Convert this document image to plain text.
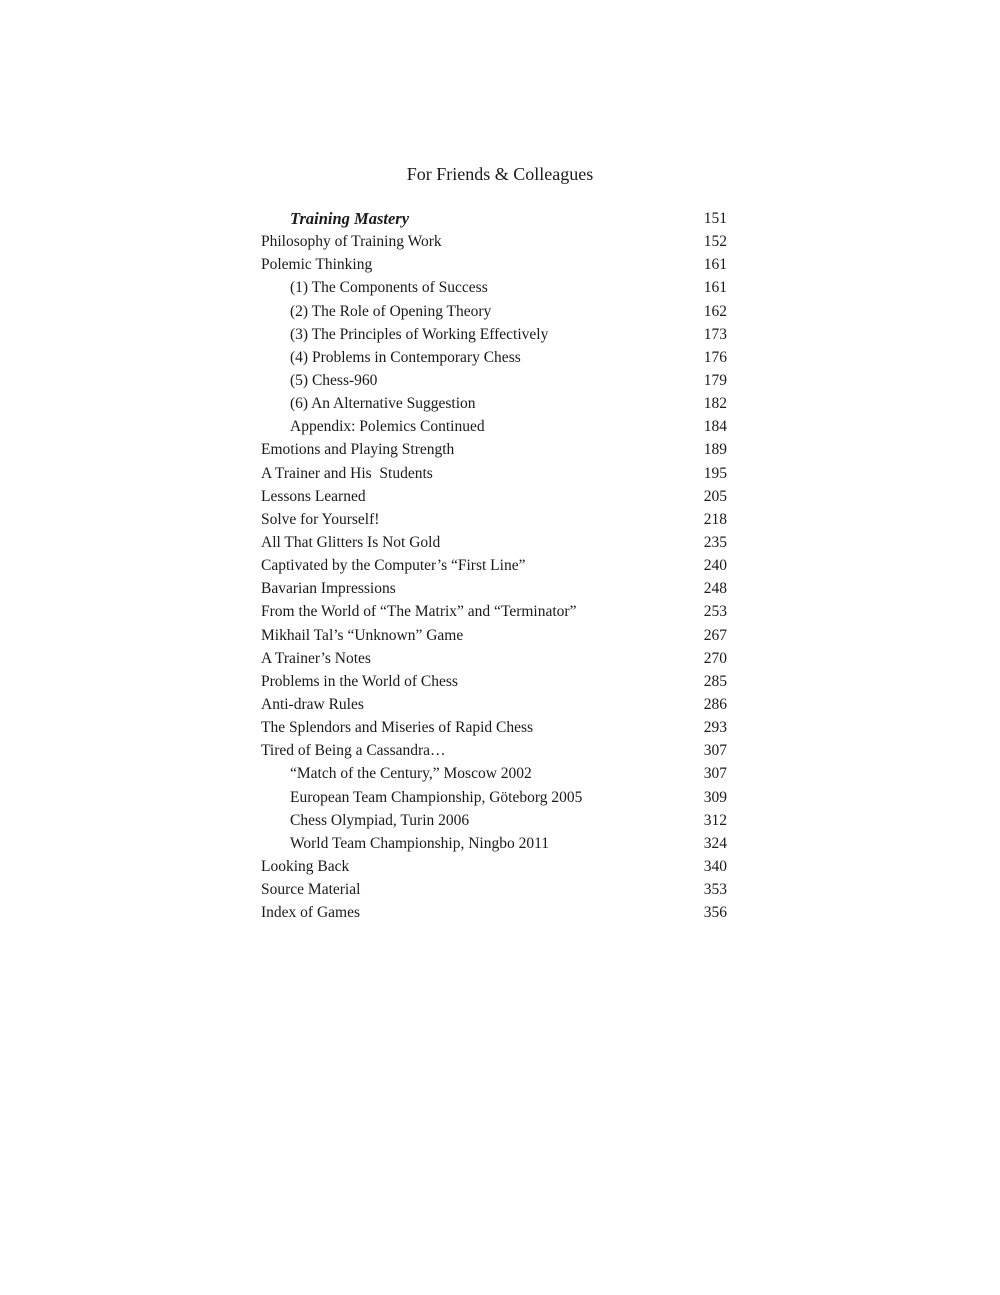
For Friends & Colleagues
Training Mastery	151
Philosophy of Training Work	152
Polemic Thinking	161
(1) The Components of Success	161
(2) The Role of Opening Theory	162
(3) The Principles of Working Effectively	173
(4) Problems in Contemporary Chess	176
(5) Chess-960	179
(6) An Alternative Suggestion	182
Appendix: Polemics Continued	184
Emotions and Playing Strength	189
A Trainer and His  Students	195
Lessons Learned	205
Solve for Yourself!	218
All That Glitters Is Not Gold	235
Captivated by the Computer’s “First Line”	240
Bavarian Impressions	248
From the World of “The Matrix” and “Terminator”	253
Mikhail Tal’s “Unknown” Game	267
A Trainer’s Notes	270
Problems in the World of Chess	285
Anti-draw Rules	286
The Splendors and Miseries of Rapid Chess	293
Tired of Being a Cassandra…	307
“Match of the Century,” Moscow 2002	307
European Team Championship, Göteborg 2005	309
Chess Olympiad, Turin 2006	312
World Team Championship, Ningbo 2011	324
Looking Back	340
Source Material	353
Index of Games	356
